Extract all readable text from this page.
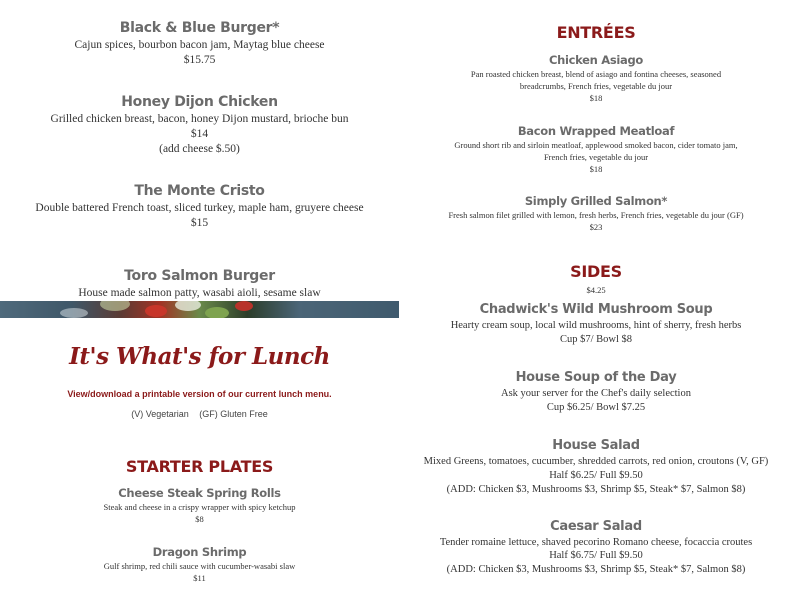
Black & Blue Burger*
Cajun spices, bourbon bacon jam, Maytag blue cheese
$15.75
Honey Dijon Chicken
Grilled chicken breast, bacon, honey Dijon mustard, brioche bun
$14
(add cheese $.50)
The Monte Cristo
Double battered French toast, sliced turkey, maple ham, gruyere cheese
$15
Toro Salmon Burger
House made salmon patty, wasabi aioli, sesame slaw
It's What's for Lunch
View/download a printable version of our current lunch menu.
(V) Vegetarian (GF) Gluten Free
STARTER PLATES
Cheese Steak Spring Rolls
Steak and cheese in a crispy wrapper with spicy ketchup
$8
Dragon Shrimp
Gulf shrimp, red chili sauce with cucumber-wasabi slaw
$11
ENTRÉES
Chicken Asiago
Pan roasted chicken breast, blend of asiago and fontina cheeses, seasoned
breadcrumbs, French fries, vegetable du jour
$18
Bacon Wrapped Meatloaf
Ground short rib and sirloin meatloaf, applewood smoked bacon, cider tomato jam,
French fries, vegetable du jour
$18
Simply Grilled Salmon*
Fresh salmon filet grilled with lemon, fresh herbs, French fries, vegetable du jour (GF)
$23
SIDES
$4.25
Chadwick's Wild Mushroom Soup
Hearty cream soup, local wild mushrooms, hint of sherry, fresh herbs
Cup $7/ Bowl $8
House Soup of the Day
Ask your server for the Chef's daily selection
Cup $6.25/ Bowl $7.25
House Salad
Mixed Greens, tomatoes, cucumber, shredded carrots, red onion, croutons (V, GF)
Half $6.25/ Full $9.50
(ADD: Chicken $3, Mushrooms $3, Shrimp $5, Steak* $7, Salmon $8)
Caesar Salad
Tender romaine lettuce, shaved pecorino Romano cheese, focaccia croutes
Half $6.75/ Full $9.50
(ADD: Chicken $3, Mushrooms $3, Shrimp $5, Steak* $7, Salmon $8)
